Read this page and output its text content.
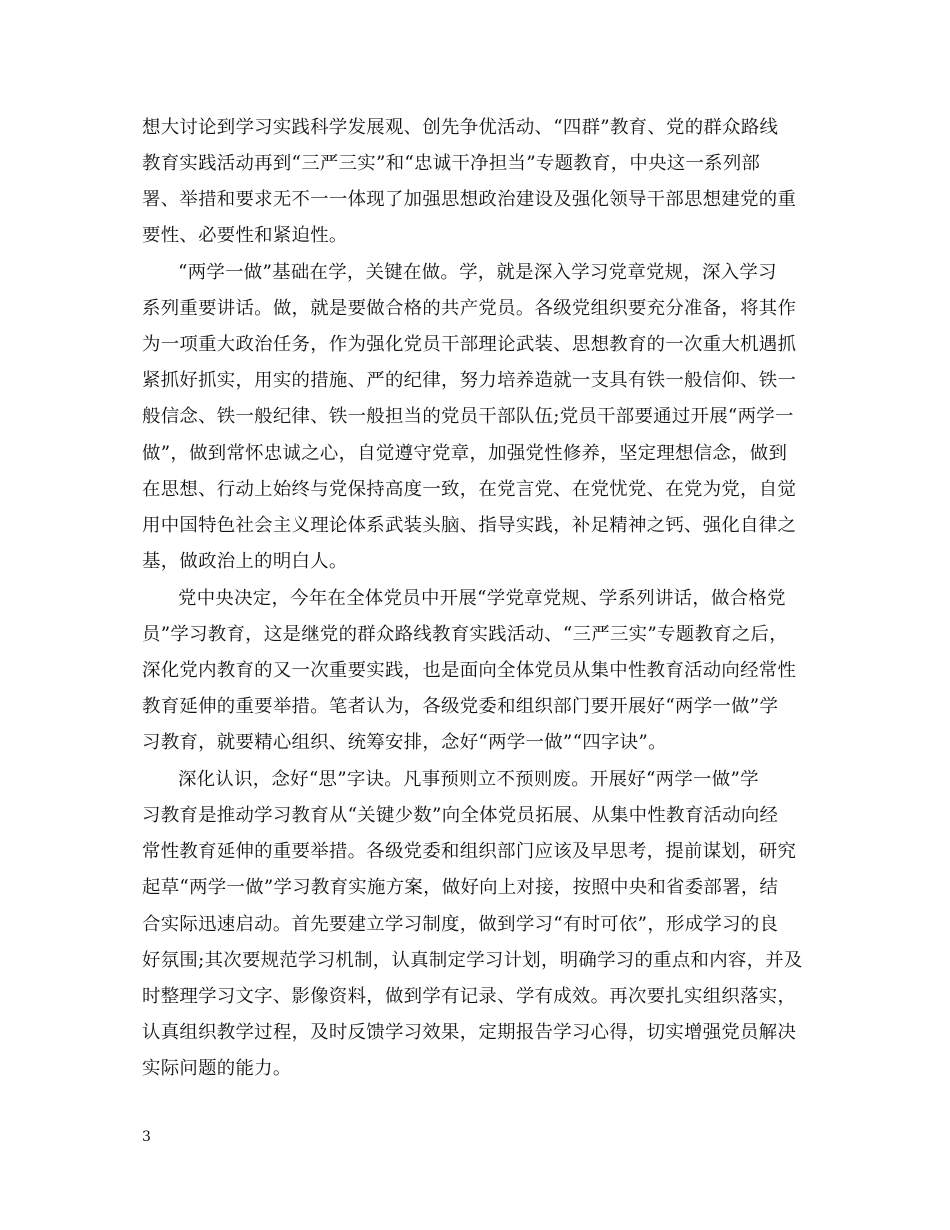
想大讨论到学习实践科学发展观、创先争优活动、“四群”教育、党的群众路线
教育实践活动再到“三严三实”和“忠诚干净担当”专题教育，中央这一系列部
署、举措和要求无不一一体现了加强思想政治建设及强化领导干部思想建党的重
要性、必要性和紧迫性。
“两学一做”基础在学，关键在做。学，就是深入学习党章党规，深入学习
系列重要讲话。做，就是要做合格的共产党员。各级党组织要充分准备，将其作
为一项重大政治任务，作为强化党员干部理论武装、思想教育的一次重大机遇抓
紧抓好抓实，用实的措施、严的纪律，努力培养造就一支具有铁一般信仰、铁一
般信念、铁一般纪律、铁一般担当的党员干部队伍;党员干部要通过开展“两学一
做”，做到常怀忠诚之心，自觉遵守党章，加强党性修养，坚定理想信念，做到
在思想、行动上始终与党保持高度一致，在党言党、在党忧党、在党为党，自觉
用中国特色社会主义理论体系武装头脑、指导实践，补足精神之钙、强化自律之
基，做政治上的明白人。
党中央决定，今年在全体党员中开展“学党章党规、学系列讲话，做合格党
员”学习教育，这是继党的群众路线教育实践活动、“三严三实”专题教育之后，
深化党内教育的又一次重要实践，也是面向全体党员从集中性教育活动向经常性
教育延伸的重要举措。笔者认为，各级党委和组织部门要开展好“两学一做”学
习教育，就要精心组织、统筹安排，念好“两学一做”“四字诀”。
深化认识，念好“思”字诀。凡事预则立不预则废。开展好“两学一做”学
习教育是推动学习教育从“关键少数”向全体党员拓展、从集中性教育活动向经
常性教育延伸的重要举措。各级党委和组织部门应该及早思考，提前谋划，研究
起草“两学一做”学习教育实施方案，做好向上对接，按照中央和省委部署，结
合实际迅速启动。首先要建立学习制度，做到学习“有时可依”，形成学习的良
好氛围;其次要规范学习机制，认真制定学习计划，明确学习的重点和内容，并及
时整理学习文字、影像资料，做到学有记录、学有成效。再次要扎实组织落实，
认真组织教学过程，及时反馈学习效果，定期报告学习心得，切实增强党员解决
实际问题的能力。
3
